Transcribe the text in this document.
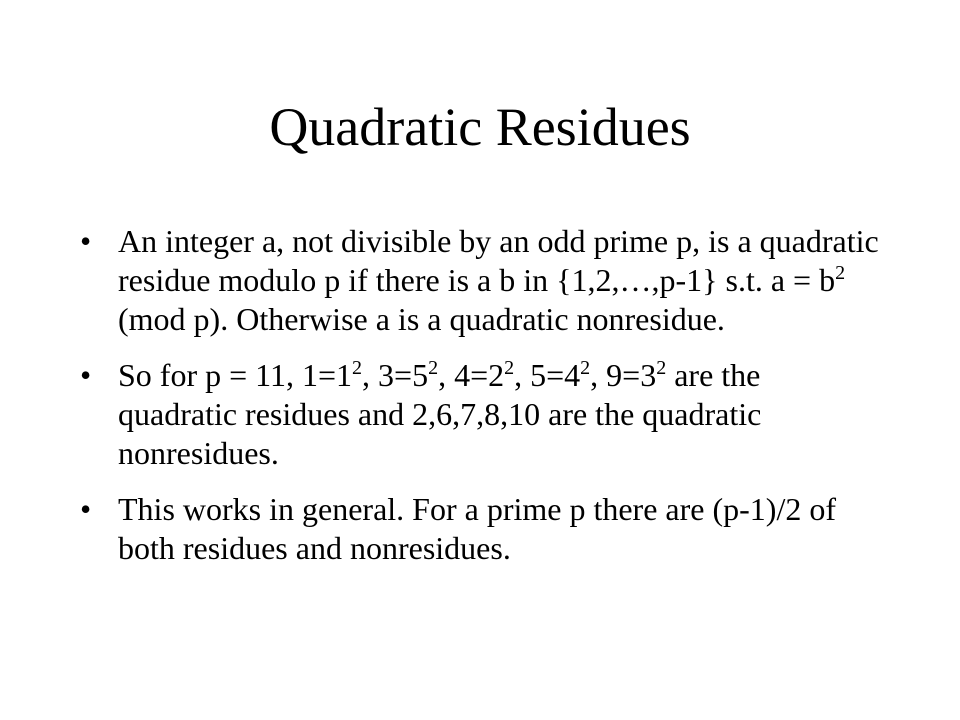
Quadratic Residues
• An integer a, not divisible by an odd prime p, is a quadratic residue modulo p if there is a b in {1,2,…,p-1} s.t. $a = b^2$ (mod p). Otherwise a is a quadratic nonresidue.
• So for p = 11, $1=1^2$, $3=5^2$, $4=2^2$, $5=4^2$, $9=3^2$ are the quadratic residues and 2,6,7,8,10 are the quadratic nonresidues.
• This works in general. For a prime p there are (p-1)/2 of both residues and nonresidues.
